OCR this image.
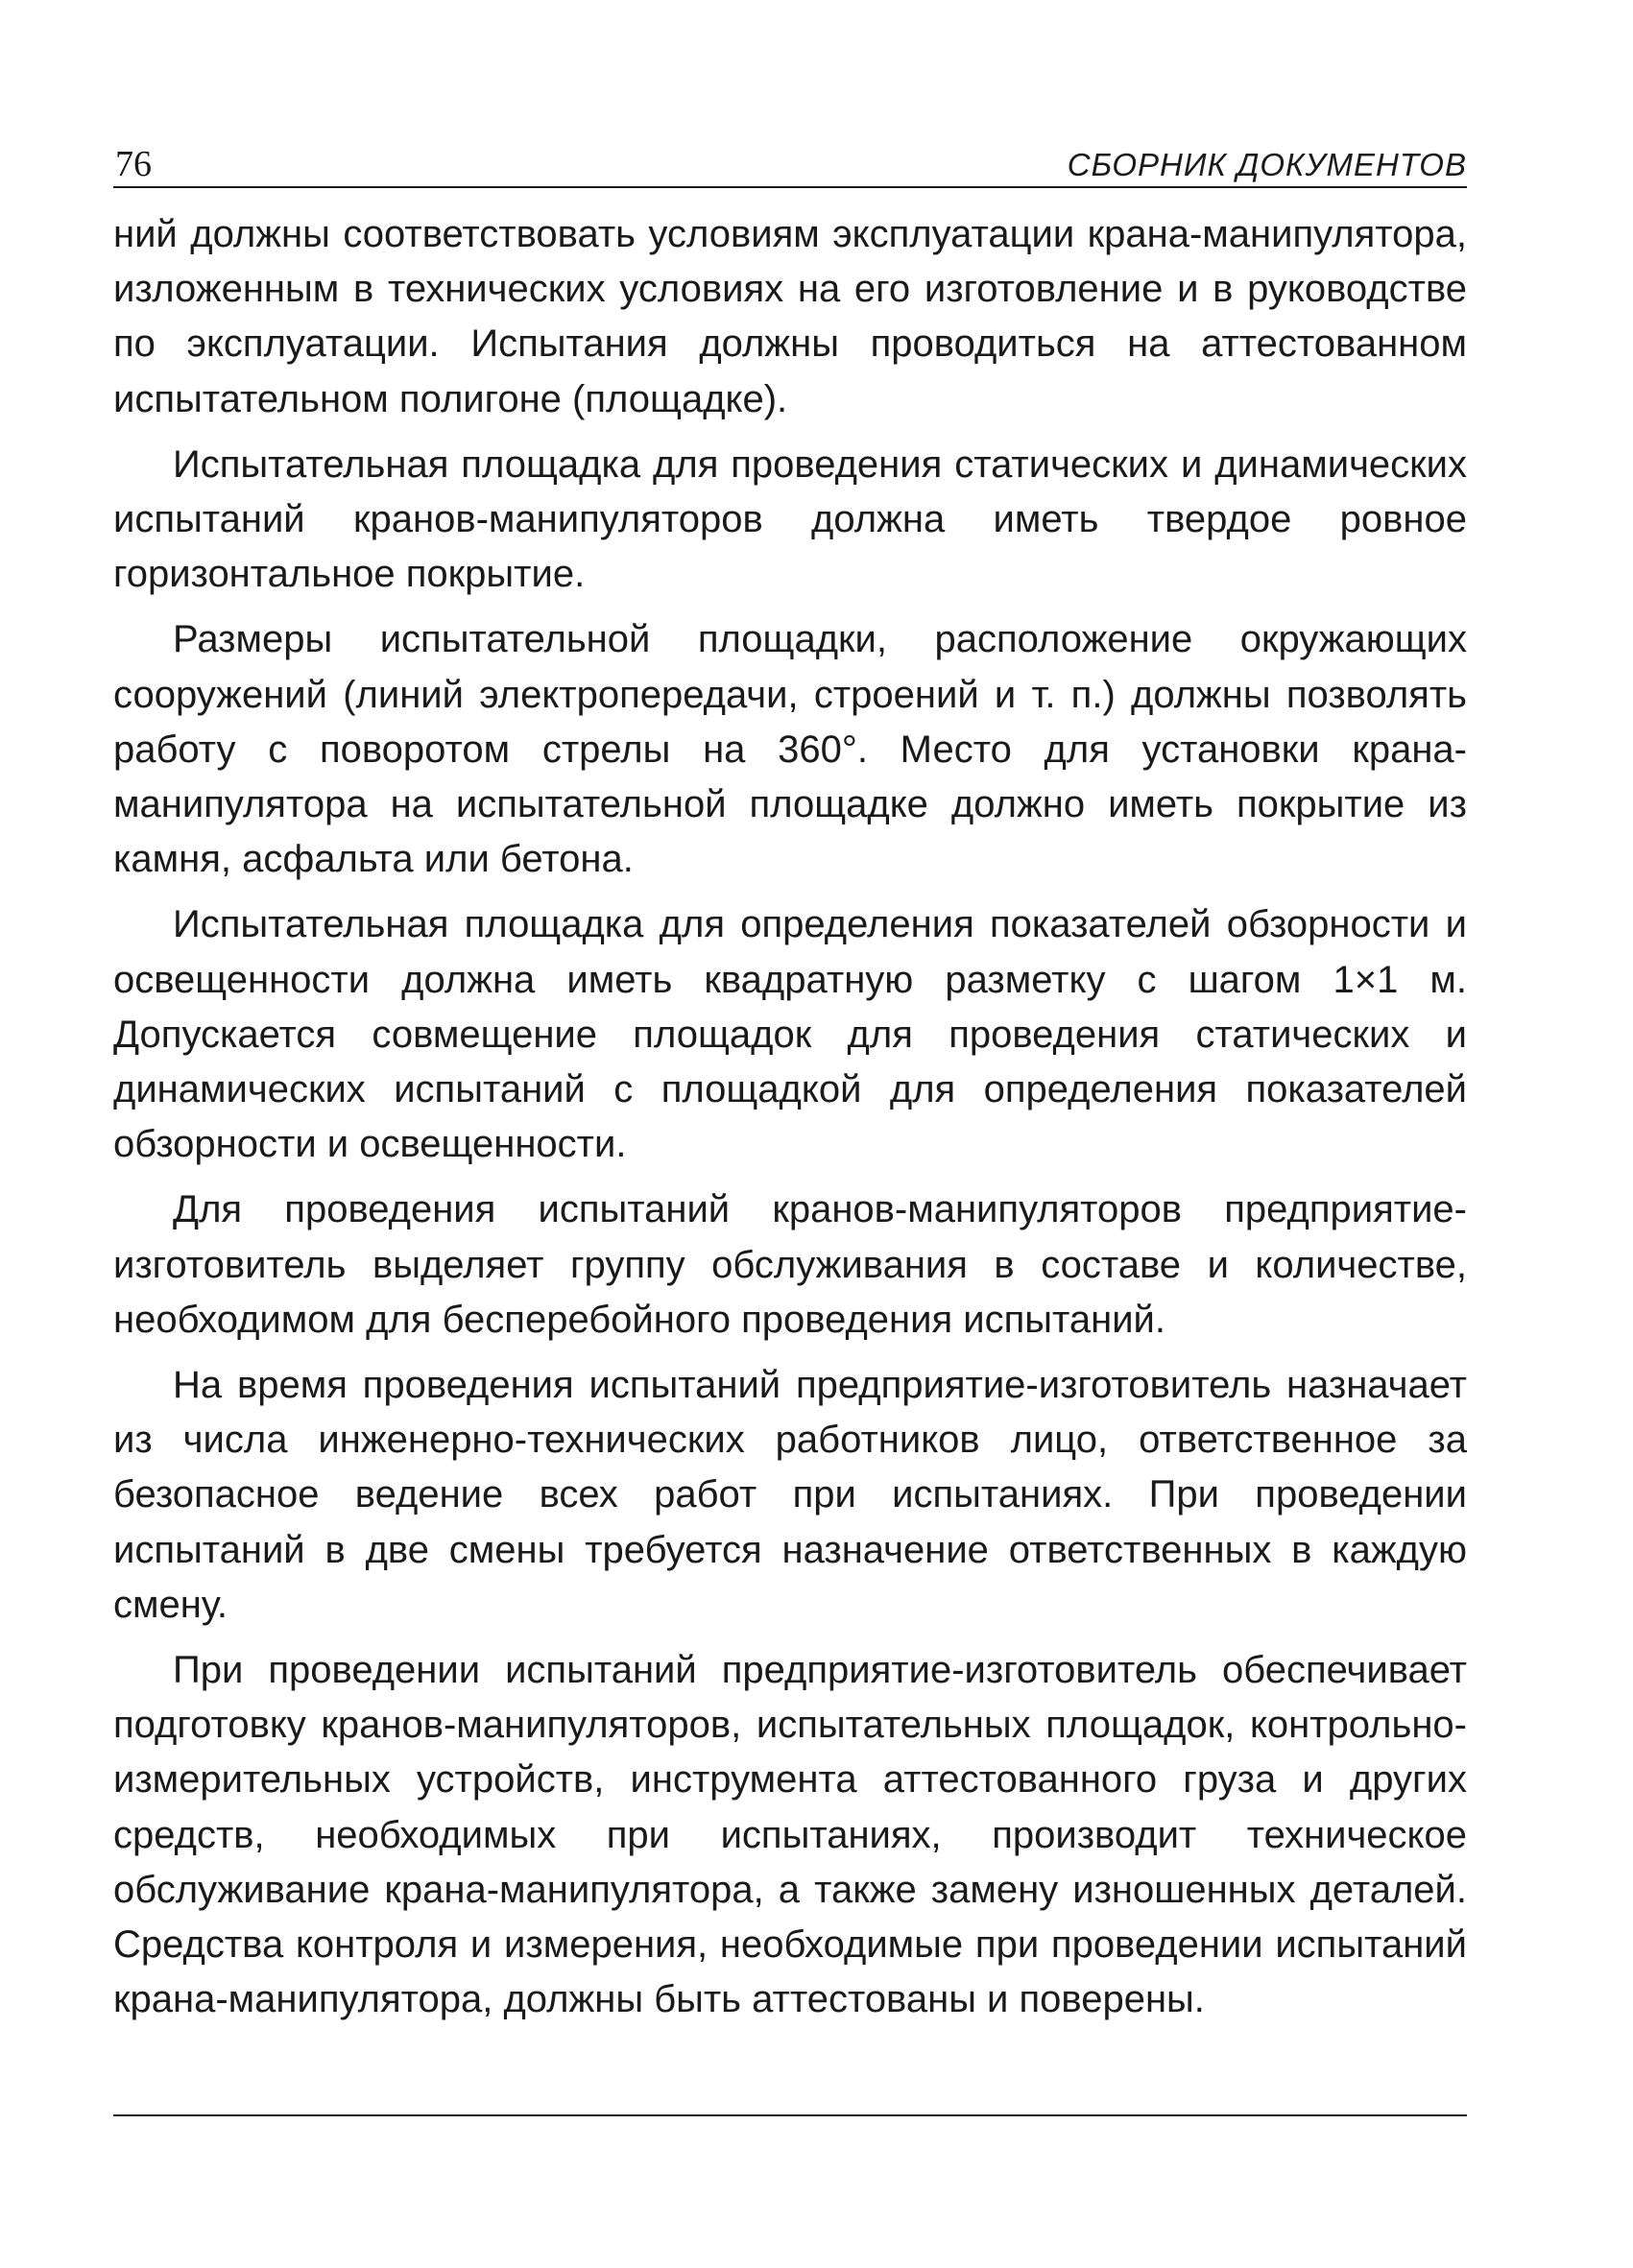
76	СБОРНИК ДОКУМЕНТОВ

ний должны соответствовать условиям эксплуатации крана-манипулятора, изложенным в технических условиях на его изготовление и в руководстве по эксплуатации. Испытания должны проводиться на аттестованном испытательном полигоне (площадке).

Испытательная площадка для проведения статических и динамических испытаний кранов-манипуляторов должна иметь твердое ровное горизонтальное покрытие.

Размеры испытательной площадки, расположение окружающих сооружений (линий электропередачи, строений и т. п.) должны позволять работу с поворотом стрелы на 360°. Место для установки крана-манипулятора на испытательной площадке должно иметь покрытие из камня, асфальта или бетона.

Испытательная площадка для определения показателей обзорности и освещенности должна иметь квадратную разметку с шагом 1×1 м. Допускается совмещение площадок для проведения статических и динамических испытаний с площадкой для определения показателей обзорности и освещенности.

Для проведения испытаний кранов-манипуляторов предприятие-изготовитель выделяет группу обслуживания в составе и количестве, необходимом для бесперебойного проведения испытаний.

На время проведения испытаний предприятие-изготовитель назначает из числа инженерно-технических работников лицо, ответственное за безопасное ведение всех работ при испытаниях. При проведении испытаний в две смены требуется назначение ответственных в каждую смену.

При проведении испытаний предприятие-изготовитель обеспечивает подготовку кранов-манипуляторов, испытательных площадок, контрольно-измерительных устройств, инструмента аттестованного груза и других средств, необходимых при испытаниях, производит техническое обслуживание крана-манипулятора, а также замену изношенных деталей. Средства контроля и измерения, необходимые при проведении испытаний крана-манипулятора, должны быть аттестованы и поверены.
